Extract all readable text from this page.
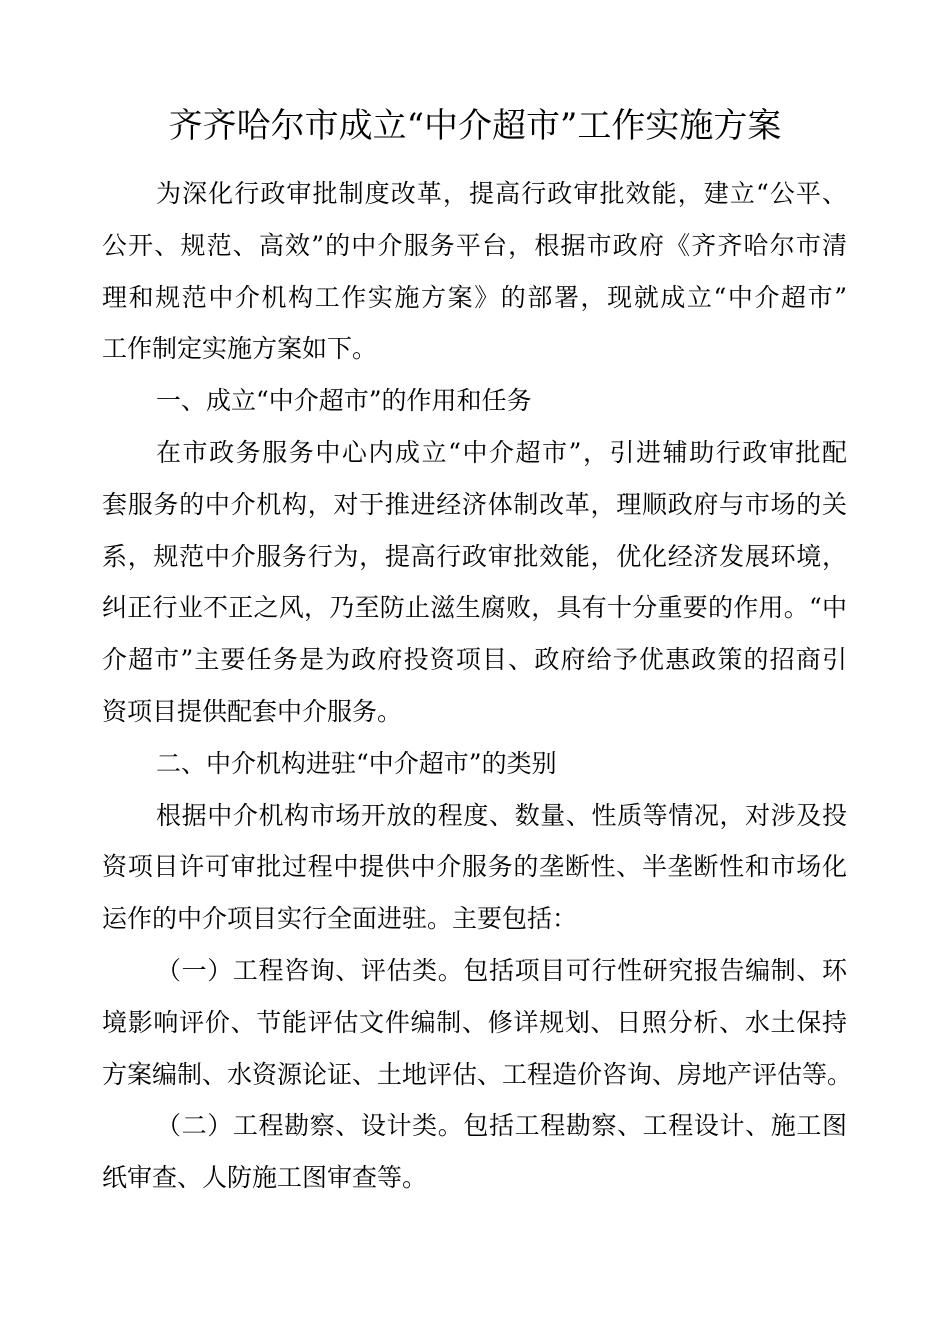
齐齐哈尔市成立“中介超市”工作实施方案
为深化行政审批制度改革，提高行政审批效能，建立“公平、
公开、规范、高效”的中介服务平台，根据市政府《齐齐哈尔市清
理和规范中介机构工作实施方案》的部署，现就成立“中介超市”
工作制定实施方案如下。
一、成立“中介超市”的作用和任务
在市政务服务中心内成立“中介超市”，引进辅助行政审批配
套服务的中介机构，对于推进经济体制改革，理顺政府与市场的关
系，规范中介服务行为，提高行政审批效能，优化经济发展环境，
纠正行业不正之风，乃至防止滋生腐败，具有十分重要的作用。“中
介超市”主要任务是为政府投资项目、政府给予优惠政策的招商引
资项目提供配套中介服务。
二、中介机构进驻“中介超市”的类别
根据中介机构市场开放的程度、数量、性质等情况，对涉及投
资项目许可审批过程中提供中介服务的垄断性、半垄断性和市场化
运作的中介项目实行全面进驻。主要包括：
（一）工程咨询、评估类。包括项目可行性研究报告编制、环
境影响评价、节能评估文件编制、修详规划、日照分析、水土保持
方案编制、水资源论证、土地评估、工程造价咨询、房地产评估等。
（二）工程勘察、设计类。包括工程勘察、工程设计、施工图
纸审查、人防施工图审查等。
